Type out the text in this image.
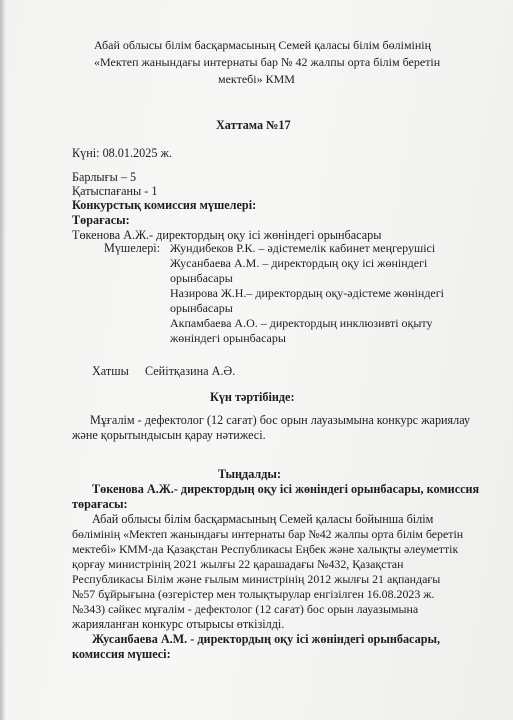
Абай облысы білім басқармасының Семей қаласы білім бөлімінің
«Мектеп жанындағы интернаты бар № 42 жалпы орта білім беретін
мектебі» КММ
Хаттама №17
Күні: 08.01.2025 ж.
Барлығы – 5
Қатыспағаны - 1
Конкурстық комиссия мүшелері:
Төрағасы:
Төкенова А.Ж.- директордың оқу ісі жөніндегі орынбасары
Мүшелері: Жундибеков Р.К. – әдістемелік кабинет меңгерушісі
Жусанбаева А.М. – директордың оқу ісі жөніндегі
орынбасары
Назирова Ж.Н.– директордың оқу-әдістеме жөніндегі
орынбасары
Акпамбаева А.О. – директордың инклюзивті оқыту
жөніндегі орынбасары
Хатшы Сейітқазина А.Ә.
Күн тәртібінде:
Мұғалім - дефектолог (12 сағат) бос орын лауазымына конкурс жариялау
және қорытындысын қарау нәтижесі.
Тыңдалды:
Төкенова А.Ж.- директордың оқу ісі жөніндегі орынбасары, комиссия
төрағасы:
Абай облысы білім басқармасының Семей қаласы бойынша білім
бөлімінің «Мектеп жанындағы интернаты бар №42 жалпы орта білім беретін
мектебі» КММ-да Қазақстан Республикасы Еңбек және халықты әлеуметтік
қорғау министрінің 2021 жылғы 22 қарашадағы №432, Қазақстан
Республикасы Білім және ғылым министрінің 2012 жылғы 21 ақпандағы
№57 бұйрығына (өзгерістер мен толықтырулар енгізілген 16.08.2023 ж.
№343) сәйкес мұғалім - дефектолог (12 сағат) бос орын лауазымына
жарияланған конкурс отырысы өткізілді.
Жусанбаева А.М. - директордың оқу ісі жөніндегі орынбасары,
комиссия мүшесі:
